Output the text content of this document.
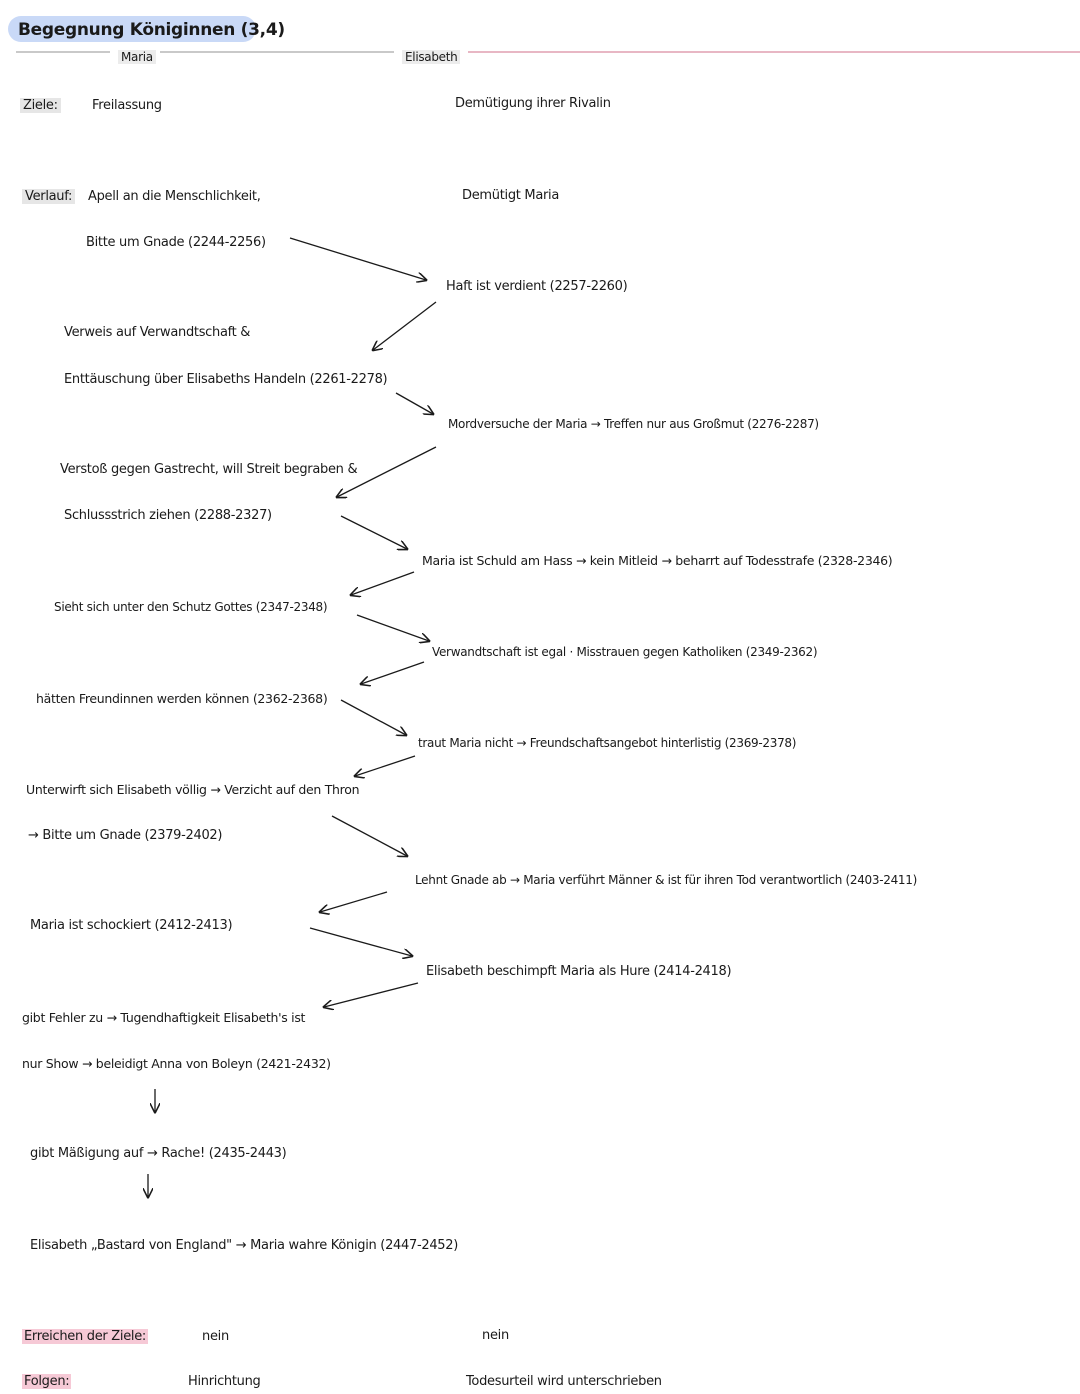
Begegnung Königinnen (3,4)
Maria	Elisabeth
Ziele:	Freilassung	Demütigung ihrer Rivalin
Verlauf: Apell an die Menschlichkeit,	Demütigt Maria
Bitte um Gnade (2244-2256)
Haft ist verdient (2257-2260)
Verweis auf Verwandtschaft &
Enttäuschung über Elisabeths Handeln (2261-2278)
Mordversuche der Maria → Treffen nur aus Großmut (2276-2287)
Verstoß gegen Gastrecht, will Streit begraben &
Schlussstrich ziehen (2288-2327)
Maria ist Schuld am Hass → kein Mitleid → beharrt auf Todesstrafe (2328-2346)
Sieht sich unter den Schutz Gottes (2347-2348)
Verwandtschaft ist egal · Misstrauen gegen Katholiken (2349-2362)
hätten Freundinnen werden können (2362-2368)
traut Maria nicht → Freundschaftsangebot hinterlistig (2369-2378)
Unterwirft sich Elisabeth völlig → Verzicht auf den Thron
→ Bitte um Gnade (2379-2402)
Lehnt Gnade ab → Maria verführt Männer & ist für ihren Tod verantwortlich (2403-2411)
Maria ist schockiert (2412-2413)
Elisabeth beschimpft Maria als Hure (2414-2418)
gibt Fehler zu → Tugendhaftigkeit Elisabeth's ist
nur Show → beleidigt Anna von Boleyn (2421-2432)
gibt Mäßigung auf → Rache! (2435-2443)
Elisabeth „Bastard von England" → Maria wahre Königin (2447-2452)
Erreichen der Ziele:	nein	nein
Folgen:	Hinrichtung	Todesurteil wird unterschrieben
